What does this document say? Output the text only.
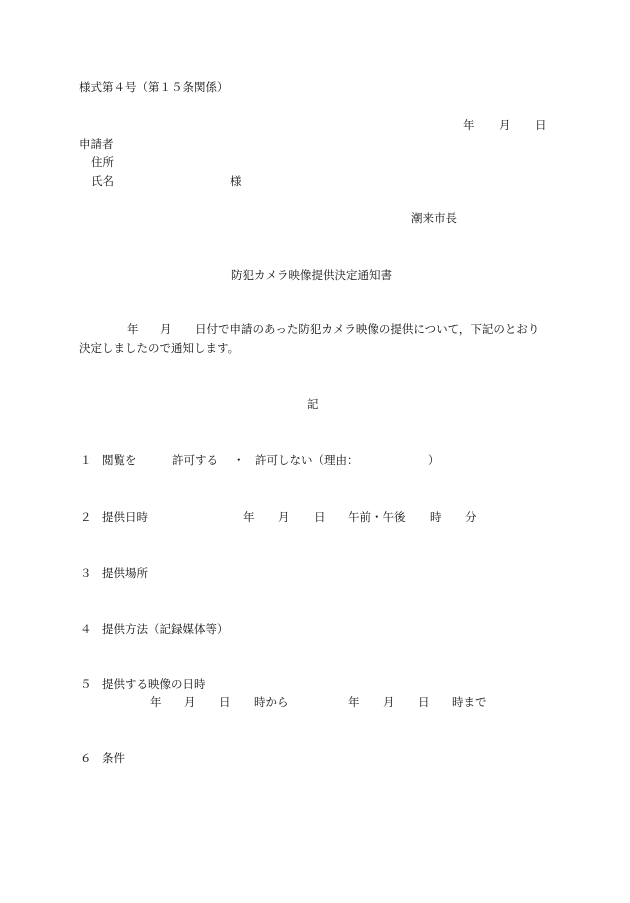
様式第４号（第１５条関係）
年 月 日
申請者
住所
氏名	様
潮来市長
防犯カメラ映像提供決定通知書
年 月 日付で申請のあった防犯カメラ映像の提供について，下記のとおり
決定しましたので通知します。
記
１ 閲覧を	許可する ・ 許可しない（理由：	）
２ 提供日時	年 月 日 午前・午後 時 分
３ 提供場所
４ 提供方法（記録媒体等）
５ 提供する映像の日時
年 月 日 時から	年 月 日 時まで
６ 条件
